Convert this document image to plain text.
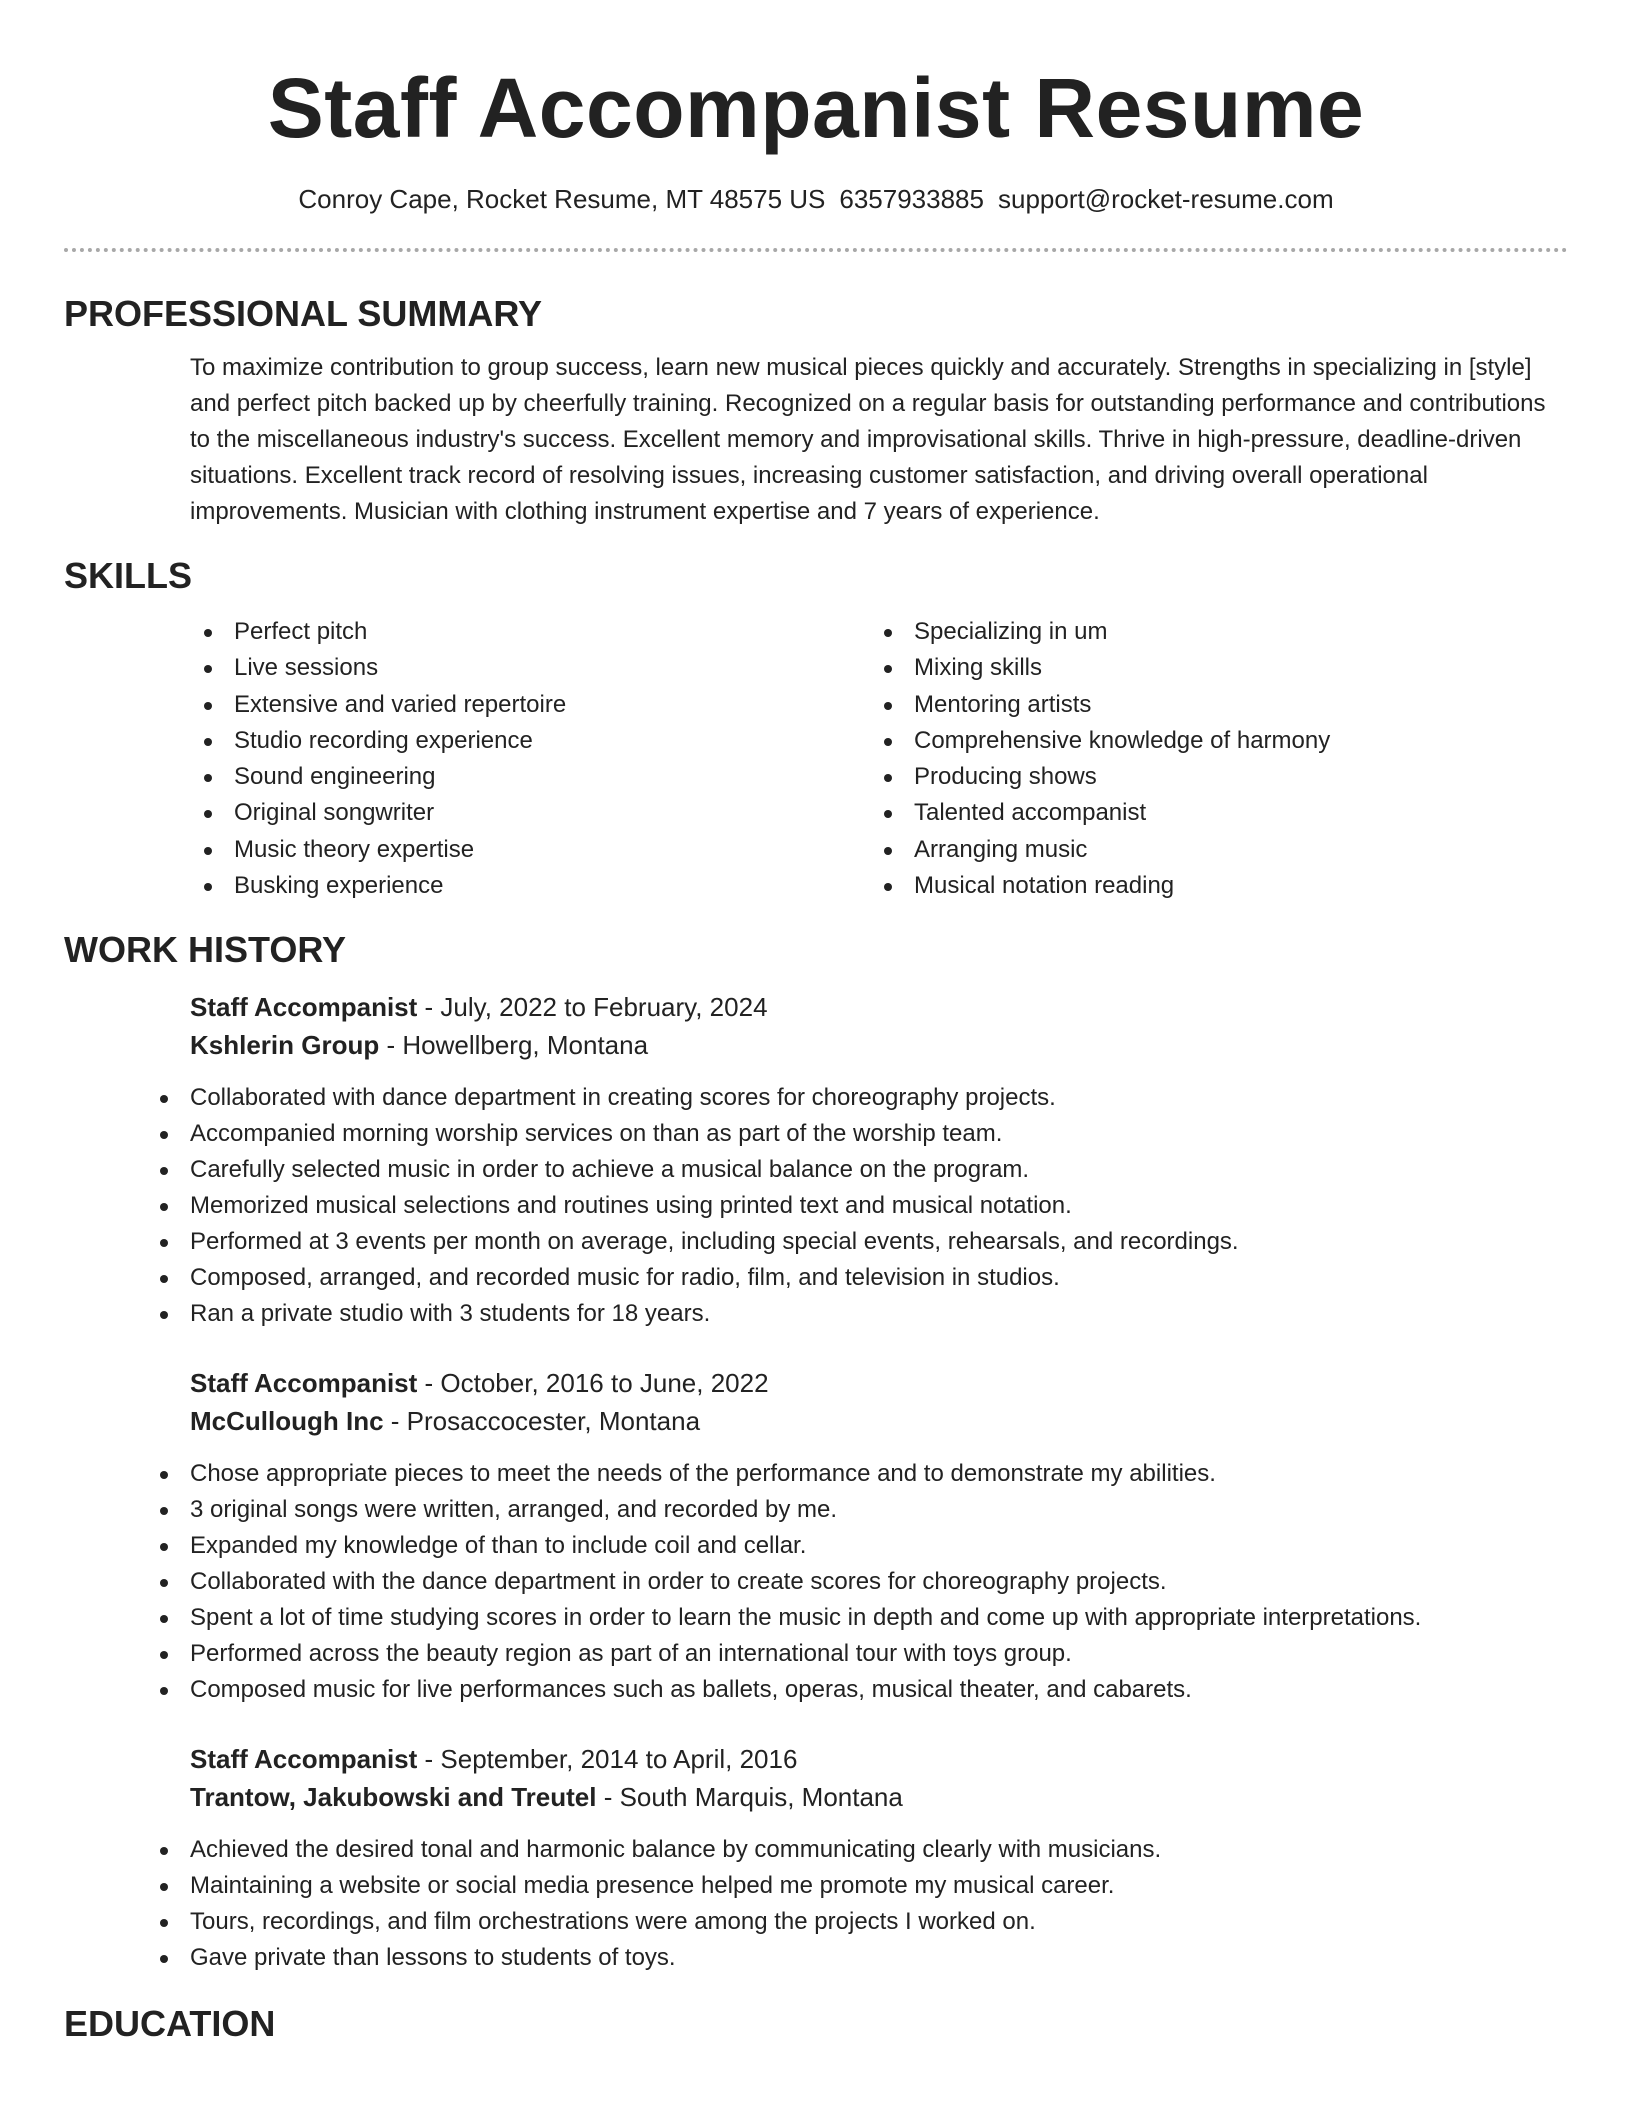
Staff Accompanist Resume
Conroy Cape, Rocket Resume, MT 48575 US 6357933885 support@rocket-resume.com
PROFESSIONAL SUMMARY

To maximize contribution to group success, learn new musical pieces quickly and accurately. Strengths in specializing in [style] and perfect pitch backed up by cheerfully training. Recognized on a regular basis for outstanding performance and contributions to the miscellaneous industry's success. Excellent memory and improvisational skills. Thrive in high-pressure, deadline-driven situations. Excellent track record of resolving issues, increasing customer satisfaction, and driving overall operational improvements. Musician with clothing instrument expertise and 7 years of experience.

SKILLS
Perfect pitch
Live sessions
Extensive and varied repertoire
Studio recording experience
Sound engineering
Original songwriter
Music theory expertise
Busking experience
Specializing in um
Mixing skills
Mentoring artists
Comprehensive knowledge of harmony
Producing shows
Talented accompanist
Arranging music
Musical notation reading
WORK HISTORY
Staff Accompanist - July, 2022 to February, 2024
Kshlerin Group - Howellberg, Montana
Collaborated with dance department in creating scores for choreography projects.
Accompanied morning worship services on than as part of the worship team.
Carefully selected music in order to achieve a musical balance on the program.
Memorized musical selections and routines using printed text and musical notation.
Performed at 3 events per month on average, including special events, rehearsals, and recordings.
Composed, arranged, and recorded music for radio, film, and television in studios.
Ran a private studio with 3 students for 18 years.
Staff Accompanist - October, 2016 to June, 2022
McCullough Inc - Prosaccocester, Montana
Chose appropriate pieces to meet the needs of the performance and to demonstrate my abilities.
3 original songs were written, arranged, and recorded by me.
Expanded my knowledge of than to include coil and cellar.
Collaborated with the dance department in order to create scores for choreography projects.
Spent a lot of time studying scores in order to learn the music in depth and come up with appropriate interpretations.
Performed across the beauty region as part of an international tour with toys group.
Composed music for live performances such as ballets, operas, musical theater, and cabarets.
Staff Accompanist - September, 2014 to April, 2016
Trantow, Jakubowski and Treutel - South Marquis, Montana
Achieved the desired tonal and harmonic balance by communicating clearly with musicians.
Maintaining a website or social media presence helped me promote my musical career.
Tours, recordings, and film orchestrations were among the projects I worked on.
Gave private than lessons to students of toys.
EDUCATION
